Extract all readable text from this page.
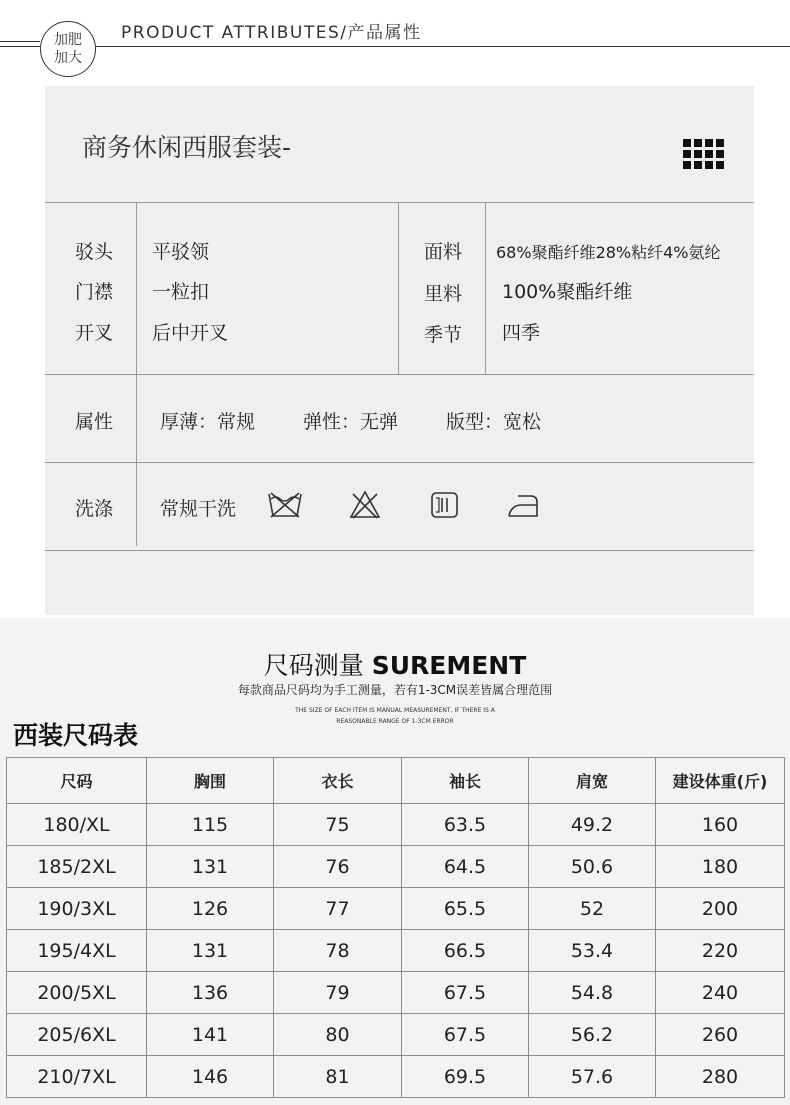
加肥
加大
PRODUCT ATTRIBUTES/产品属性
商务休闲西服套装-
驳头 平驳领
门襟 一粒扣
开叉 后中开叉
面料 68%聚酯纤维28%粘纤4%氨纶
里料 100%聚酯纤维
季节 四季
属性 厚薄：常规	弹性：无弹	版型：宽松
洗涤 常规干洗
尺码测量 SUREMENT
每款商品尺码均为手工测量，若有1-3CM误差皆属合理范围
THE SIZE OF EACH ITEM IS MANUAL MEASUREMENT, IF THERE IS A
REASONABLE RANGE OF 1-3CM ERROR
西装尺码表
尺码	胸围	衣长	袖长	肩宽	建设体重(斤)
180/XL	115	75	63.5	49.2	160
185/2XL	131	76	64.5	50.6	180
190/3XL	126	77	65.5	52	200
195/4XL	131	78	66.5	53.4	220
200/5XL	136	79	67.5	54.8	240
205/6XL	141	80	67.5	56.2	260
210/7XL	146	81	69.5	57.6	280
